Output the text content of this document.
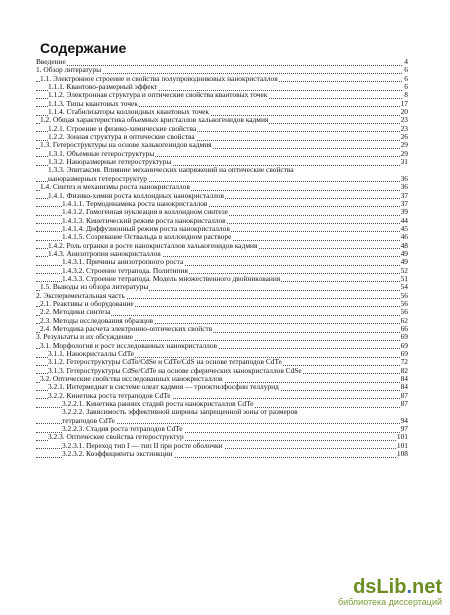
Содержание
Введение	4
1. Обзор литературы	6
1.1. Электронное строение и свойства полупроводниковых нанокристаллов	6
1.1.1. Квантово-размерный эффект	6
1.1.2. Электронная структура и оптические свойства квантовых точек	8
1.1.3. Типы квантовых точек	17
1.1.4. Стабилизаторы коллоидных квантовых точек	20
1.2. Общая характеристика объемных кристаллов халькогенидов кадмия	23
1.2.1. Строение и физико-химические свойства	23
1.2.2. Зонная структура и оптические свойства	26
1.3. Гетероструктуры на основе халькогенидов кадмия	29
1.3.1. Объемные гетероструктуры	29
1.3.2. Наноразмерные гетероструктуры	31
1.3.3. Эпитаксия. Влияние механических напряжений на оптические свойства
наноразмерных гетероструктур	36
1.4. Синтез и механизмы роста нанокристаллов	36
1.4.1. Физико-химия роста коллоидных нанокристаллов	37
1.4.1.1. Термодинамика роста нанокристаллов	37
1.4.1.2. Гомогенная нуклеация в коллоидном синтезе	39
1.4.1.3. Кинетический режим роста нанокристаллов	44
1.4.1.4. Диффузионный режим роста нанокристаллов	45
1.4.1.5. Созревание Оствальда в коллоидном растворе	46
1.4.2. Роль огранки в росте нанокристаллов халькогенидов кадмия	48
1.4.3. Анизотропия нанокристаллов	49
1.4.3.1. Причины анизотропного роста	49
1.4.3.2. Строение тетрапода. Политипия	52
1.4.3.3. Строение тетрапода. Модель множественного двойникования	51
1.5. Выводы из обзора литературы	54
2. Экспериментальная часть	56
2.1. Реактивы и оборудование	56
2.2. Методики синтеза	56
2.3. Методы исследования образцов	62
2.4. Методика расчета электронно-оптических свойств	66
3. Результаты и их обсуждение	69
3.1. Морфология и рост исследованных нанокристаллов	69
3.1.1. Нанокристаллы CdTe	69
3.1.2. Гетероструктуры CdTe/CdSe и CdTe/CdS на основе тетраподов CdTe	72
3.1.3. Гетероструктуры CdSe/CdTe на основе сферических нанокристаллов CdSe	82
3.2. Оптические свойства исследованных нанокристаллов	84
3.2.1. Интермедиат в системе олеат кадмия — триоктилфосфин теллурид	84
3.2.2. Кинетика роста тетраподов CdTe	87
3.2.2.1. Кинетика ранних стадий роста нанокристаллов CdTe	87
3.2.2.2. Зависимость эффективной ширины запрещенной зоны от размеров
тетраподов CdTe	94
3.2.2.3. Стадия роста тетраподов CdTe	97
3.2.3. Оптические свойства гетероструктур	101
3.2.3.1. Переход тип I — тип II при росте оболочки	101
3.2.3.2. Коэффициенты экстинкции	108
dsLib.net
библиотека диссертаций
